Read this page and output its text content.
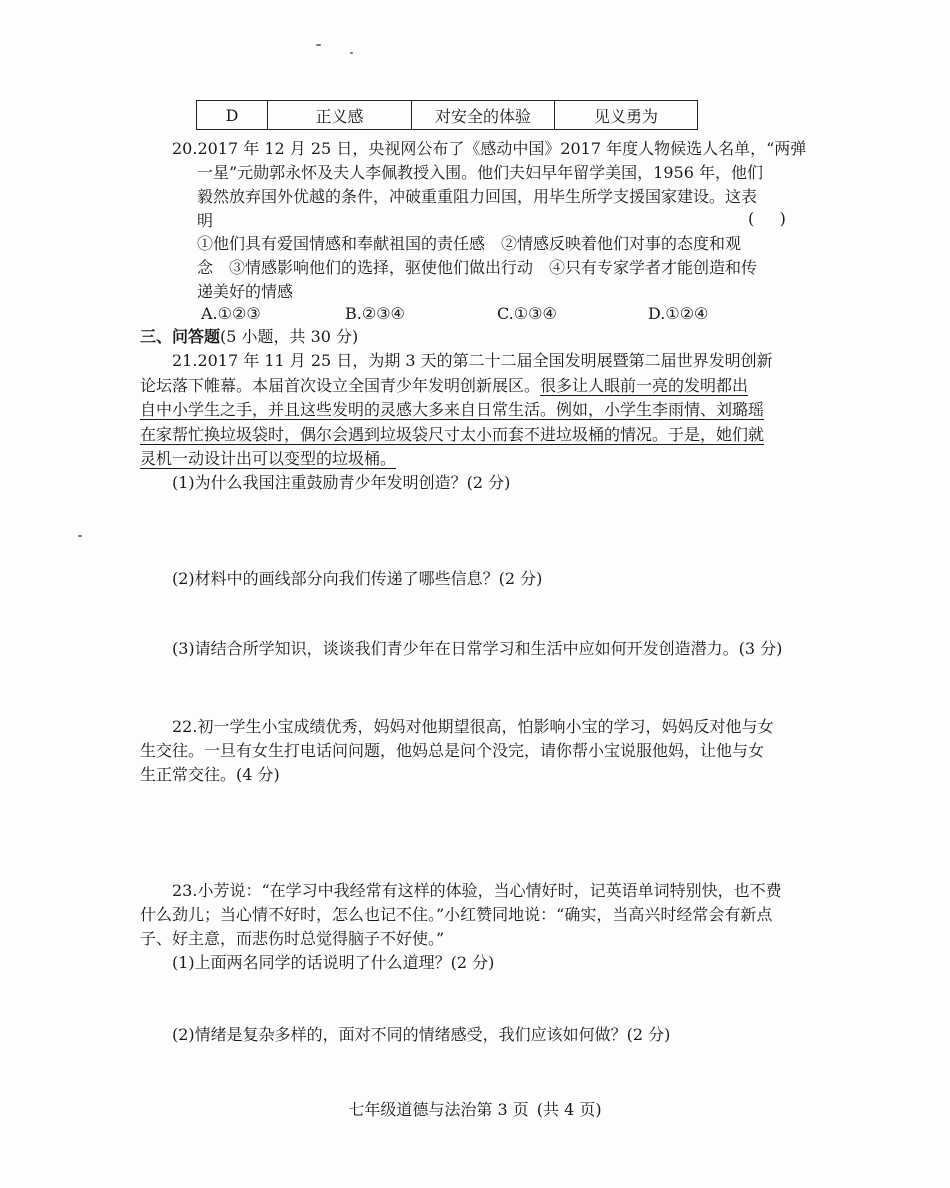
D	正义感	对安全的体验	见义勇为
20.2017 年 12 月 25 日，央视网公布了《感动中国》2017 年度人物候选人名单，“两弹
一星”元勋郭永怀及夫人李佩教授入围。他们夫妇早年留学美国，1956 年，他们
毅然放弃国外优越的条件，冲破重重阻力回国，用毕生所学支援国家建设。这表
明	(     )
①他们具有爱国情感和奉献祖国的责任感　②情感反映着他们对事的态度和观
念　③情感影响他们的选择，驱使他们做出行动　④只有专家学者才能创造和传
递美好的情感
A.①②③	B.②③④	C.①③④	D.①②④
三、问答题(5 小题，共 30 分)
21.2017 年 11 月 25 日，为期 3 天的第二十二届全国发明展暨第二届世界发明创新
论坛落下帷幕。本届首次设立全国青少年发明创新展区。很多让人眼前一亮的发明都出
自中小学生之手，并且这些发明的灵感大多来自日常生活。例如，小学生李雨情、刘璐瑶
在家帮忙换垃圾袋时，偶尔会遇到垃圾袋尺寸太小而套不进垃圾桶的情况。于是，她们就
灵机一动设计出可以变型的垃圾桶。
(1)为什么我国注重鼓励青少年发明创造？(2 分)
(2)材料中的画线部分向我们传递了哪些信息？(2 分)
(3)请结合所学知识，谈谈我们青少年在日常学习和生活中应如何开发创造潜力。(3 分)
22.初一学生小宝成绩优秀，妈妈对他期望很高，怕影响小宝的学习，妈妈反对他与女
生交往。一旦有女生打电话问问题，他妈总是问个没完，请你帮小宝说服他妈，让他与女
生正常交往。(4 分)
23.小芳说：“在学习中我经常有这样的体验，当心情好时，记英语单词特别快，也不费
什么劲儿；当心情不好时，怎么也记不住。”小红赞同地说：“确实，当高兴时经常会有新点
子、好主意，而悲伤时总觉得脑子不好使。”
(1)上面两名同学的话说明了什么道理？(2 分)
(2)情绪是复杂多样的，面对不同的情绪感受，我们应该如何做？(2 分)
七年级道德与法治第 3 页 (共 4 页)
